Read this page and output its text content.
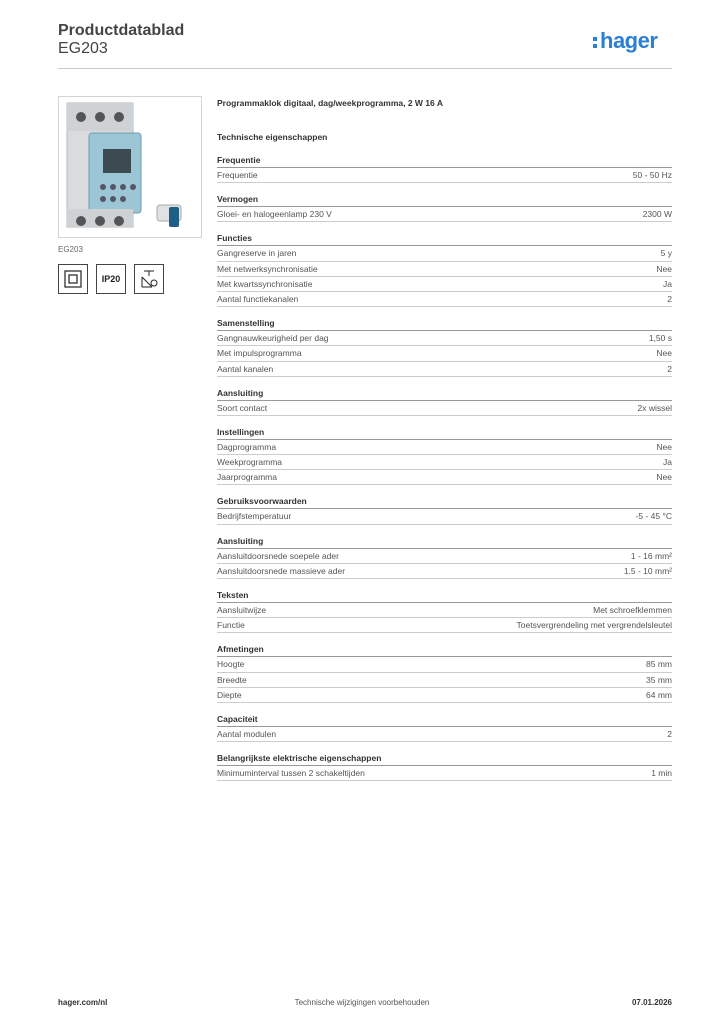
Productdatablad
EG203	hager
EG203
IP20
Programmaklok digitaal, dag/weekprogramma, 2 W 16 A
Technische eigenschappen
Frequentie
Frequentie	50 - 50 Hz
Vermogen
Gloei- en halogeenlamp 230 V	2300 W
Functies
Gangreserve in jaren	5 y
Met netwerksynchronisatie	Nee
Met kwartssynchronisatie	Ja
Aantal functiekanalen	2
Samenstelling
Gangnauwkeurigheid per dag	1,50 s
Met impulsprogramma	Nee
Aantal kanalen	2
Aansluiting
Soort contact	2x wissel
Instellingen
Dagprogramma	Nee
Weekprogramma	Ja
Jaarprogramma	Nee
Gebruiksvoorwaarden
Bedrijfstemperatuur	-5 - 45 °C
Aansluiting
Aansluitdoorsnede soepele ader	1 - 16 mm²
Aansluitdoorsnede massieve ader	1.5 - 10 mm²
Teksten
Aansluitwijze	Met schroefklemmen
Functie	Toetsvergrendeling met vergrendelsleutel
Afmetingen
Hoogte	85 mm
Breedte	35 mm
Diepte	64 mm
Capaciteit
Aantal modulen	2
Belangrijkste elektrische eigenschappen
Minimuminterval tussen 2 schakeltijden	1 min
hager.com/nl	Technische wijzigingen voorbehouden	07.01.2026
